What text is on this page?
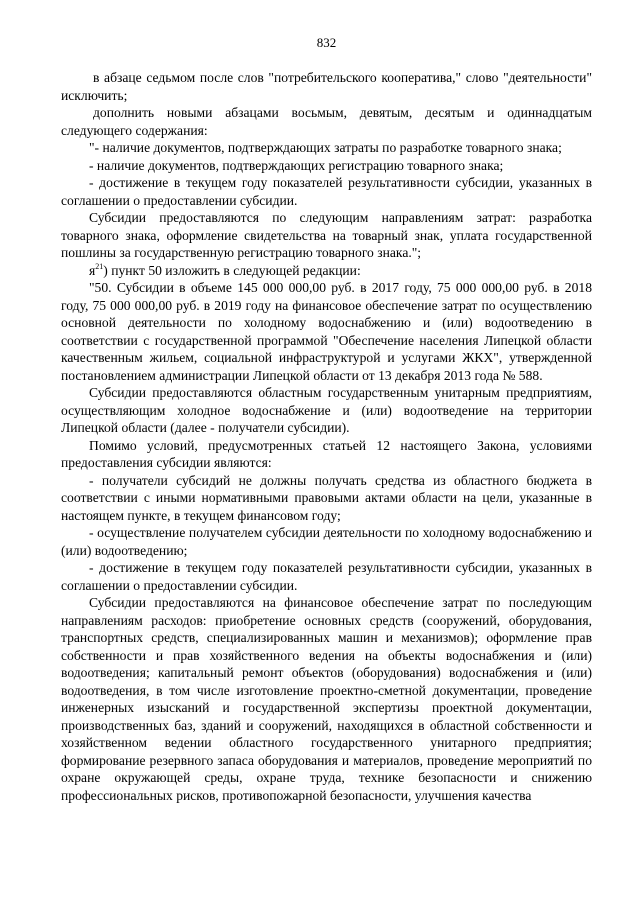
832

в абзаце седьмом после слов "потребительского кооператива," слово "деятельности" исключить;

дополнить новыми абзацами восьмым, девятым, десятым и одиннадцатым следующего содержания:

"- наличие документов, подтверждающих затраты по разработке товарного знака;

- наличие документов, подтверждающих регистрацию товарного знака;

- достижение в текущем году показателей результативности субсидии, указанных в соглашении о предоставлении субсидии.

Субсидии предоставляются по следующим направлениям затрат: разработка товарного знака, оформление свидетельства на товарный знак, уплата государственной пошлины за государственную регистрацию товарного знака.";

$я^{21}$) пункт 50 изложить в следующей редакции:

"50. Субсидии в объеме 145 000 000,00 руб. в 2017 году, 75 000 000,00 руб. в 2018 году, 75 000 000,00 руб. в 2019 году на финансовое обеспечение затрат по осуществлению основной деятельности по холодному водоснабжению и (или) водоотведению в соответствии с государственной программой "Обеспечение населения Липецкой области качественным жильем, социальной инфраструктурой и услугами ЖКХ", утвержденной постановлением администрации Липецкой области от 13 декабря 2013 года № 588.

Субсидии предоставляются областным государственным унитарным предприятиям, осуществляющим холодное водоснабжение и (или) водоотведение на территории Липецкой области (далее - получатели субсидии).

Помимо условий, предусмотренных статьей 12 настоящего Закона, условиями предоставления субсидии являются:

- получатели субсидий не должны получать средства из областного бюджета в соответствии с иными нормативными правовыми актами области на цели, указанные в настоящем пункте, в текущем финансовом году;

- осуществление получателем субсидии деятельности по холодному водоснабжению и (или) водоотведению;

- достижение в текущем году показателей результативности субсидии, указанных в соглашении о предоставлении субсидии.

Субсидии предоставляются на финансовое обеспечение затрат по последующим направлениям расходов: приобретение основных средств (сооружений, оборудования, транспортных средств, специализированных машин и механизмов); оформление прав собственности и прав хозяйственного ведения на объекты водоснабжения и (или) водоотведения; капитальный ремонт объектов (оборудования) водоснабжения и (или) водоотведения, в том числе изготовление проектно-сметной документации, проведение инженерных изысканий и государственной экспертизы проектной документации, производственных баз, зданий и сооружений, находящихся в областной собственности и хозяйственном ведении областного государственного унитарного предприятия; формирование резервного запаса оборудования и материалов, проведение мероприятий по охране окружающей среды, охране труда, технике безопасности и снижению профессиональных рисков, противопожарной безопасности, улучшения качества
